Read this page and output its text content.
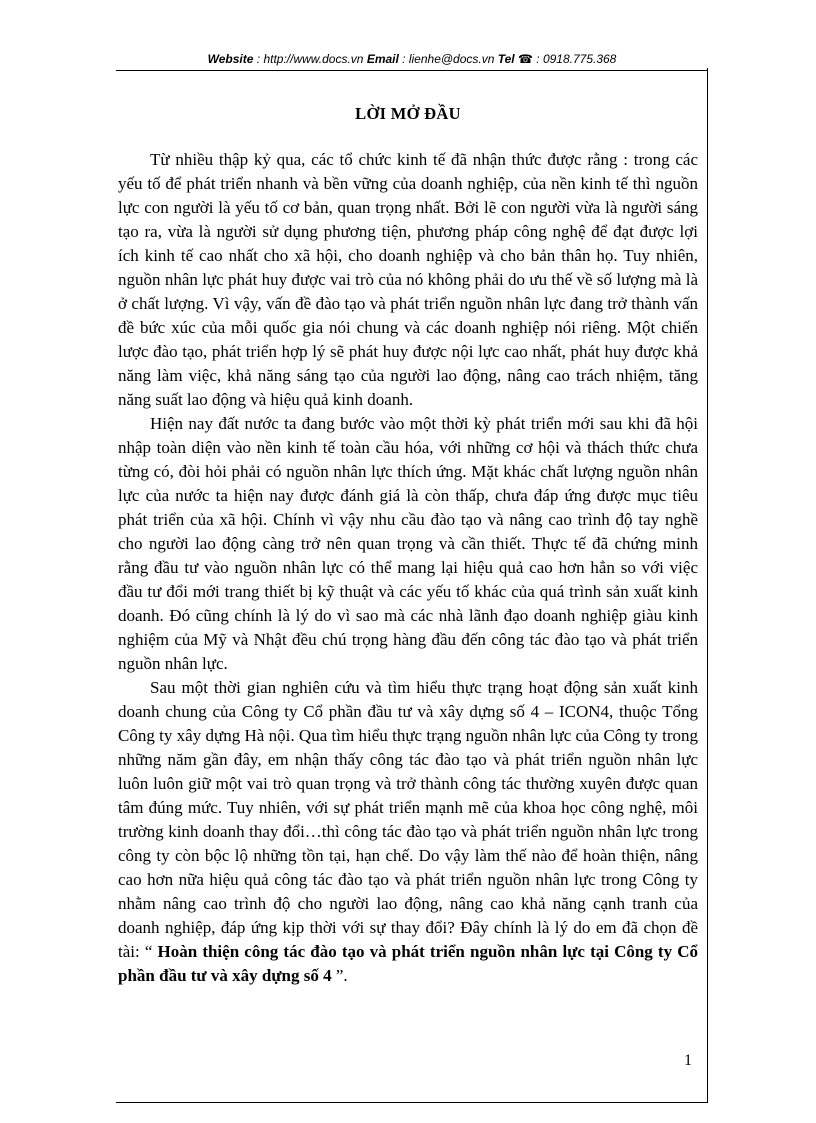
Website : http://www.docs.vn Email : lienhe@docs.vn Tel ☎ : 0918.775.368
LỜI MỞ ĐẦU

Từ nhiều thập kỷ qua, các tổ chức kinh tế đã nhận thức được rằng : trong các yếu tố để phát triển nhanh và bền vững của doanh nghiệp, của nền kinh tế thì nguồn lực con người là yếu tố cơ bản, quan trọng nhất. Bởi lẽ con người vừa là người sáng tạo ra, vừa là người sử dụng phương tiện, phương pháp công nghệ để đạt được lợi ích kinh tế cao nhất cho xã hội, cho doanh nghiệp và cho bản thân họ. Tuy nhiên, nguồn nhân lực phát huy được vai trò của nó không phải do ưu thế về số lượng mà là ở chất lượng. Vì vậy, vấn đề đào tạo và phát triển nguồn nhân lực đang trở thành vấn đề bức xúc của mỗi quốc gia nói chung và các doanh nghiệp nói riêng. Một chiến lược đào tạo, phát triển hợp lý sẽ phát huy được nội lực cao nhất, phát huy được khả năng làm việc, khả năng sáng tạo của người lao động, nâng cao trách nhiệm, tăng năng suất lao động và hiệu quả kinh doanh.

Hiện nay đất nước ta đang bước vào một thời kỳ phát triển mới sau khi đã hội nhập toàn diện vào nền kinh tế toàn cầu hóa, với những cơ hội và thách thức chưa từng có, đòi hỏi phải có nguồn nhân lực thích ứng. Mặt khác chất lượng nguồn nhân lực của nước ta hiện nay được đánh giá là còn thấp, chưa đáp ứng được mục tiêu phát triển của xã hội. Chính vì vậy nhu cầu đào tạo và nâng cao trình độ tay nghề cho người lao động càng trở nên quan trọng và cần thiết. Thực tế đã chứng minh rằng đầu tư vào nguồn nhân lực có thể mang lại hiệu quả cao hơn hẳn so với việc đầu tư đổi mới trang thiết bị kỹ thuật và các yếu tố khác của quá trình sản xuất kinh doanh. Đó cũng chính là lý do vì sao mà các nhà lãnh đạo doanh nghiệp giàu kinh nghiệm của Mỹ và Nhật đều chú trọng hàng đầu đến công tác đào tạo và phát triển nguồn nhân lực.

Sau một thời gian nghiên cứu và tìm hiểu thực trạng hoạt động sản xuất kinh doanh chung của Công ty Cổ phần đầu tư và xây dựng số 4 – ICON4, thuộc Tổng Công ty xây dựng Hà nội. Qua tìm hiểu thực trạng nguồn nhân lực của Công ty trong những năm gần đây, em nhận thấy công tác đào tạo và phát triển nguồn nhân lực luôn luôn giữ một vai trò quan trọng và trở thành công tác thường xuyên được quan tâm đúng mức. Tuy nhiên, với sự phát triển mạnh mẽ của khoa học công nghệ, môi trường kinh doanh thay đổi…thì công tác đào tạo và phát triển nguồn nhân lực trong công ty còn bộc lộ những tồn tại, hạn chế. Do vậy làm thế nào để hoàn thiện, nâng cao hơn nữa hiệu quả công tác đào tạo và phát triển nguồn nhân lực trong Công ty nhằm nâng cao trình độ cho người lao động, nâng cao khả năng cạnh tranh của doanh nghiệp, đáp ứng kịp thời với sự thay đổi? Đây chính là lý do em đã chọn đề tài: “ Hoàn thiện công tác đào tạo và phát triển nguồn nhân lực tại Công ty Cổ phần đầu tư và xây dựng số 4 ”.

1
